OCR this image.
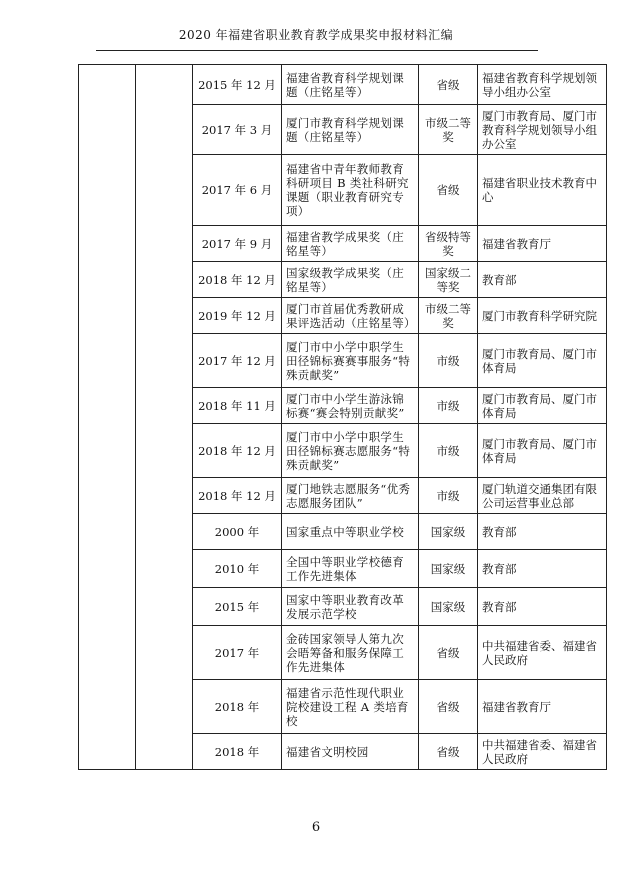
2020 年福建省职业教育教学成果奖申报材料汇编
		2015 年 12 月	福建省教育科学规划课题（庄铭星等）	省级	福建省教育科学规划领导小组办公室
		2017 年 3 月	厦门市教育科学规划课题（庄铭星等）	市级二等奖	厦门市教育局、厦门市教育科学规划领导小组办公室
		2017 年 6 月	福建省中青年教师教育科研项目 B 类社科研究课题（职业教育研究专项）	省级	福建省职业技术教育中心
		2017 年 9 月	福建省教学成果奖（庄铭星等）	省级特等奖	福建省教育厅
		2018 年 12 月	国家级教学成果奖（庄铭星等）	国家级二等奖	教育部
		2019 年 12 月	厦门市首届优秀教研成果评选活动（庄铭星等）	市级二等奖	厦门市教育科学研究院
		2017 年 12 月	厦门市中小学中职学生田径锦标赛赛事服务“特殊贡献奖”	市级	厦门市教育局、厦门市体育局
		2018 年 11 月	厦门市中小学生游泳锦标赛“赛会特别贡献奖”	市级	厦门市教育局、厦门市体育局
		2018 年 12 月	厦门市中小学中职学生田径锦标赛志愿服务“特殊贡献奖”	市级	厦门市教育局、厦门市体育局
		2018 年 12 月	厦门地铁志愿服务“优秀志愿服务团队”	市级	厦门轨道交通集团有限公司运营事业总部
		2000 年	国家重点中等职业学校	国家级	教育部
		2010 年	全国中等职业学校德育工作先进集体	国家级	教育部
		2015 年	国家中等职业教育改革发展示范学校	国家级	教育部
		2017 年	金砖国家领导人第九次会晤筹备和服务保障工作先进集体	省级	中共福建省委、福建省人民政府
		2018 年	福建省示范性现代职业院校建设工程 A 类培育校	省级	福建省教育厅
		2018 年	福建省文明校园	省级	中共福建省委、福建省人民政府
6
